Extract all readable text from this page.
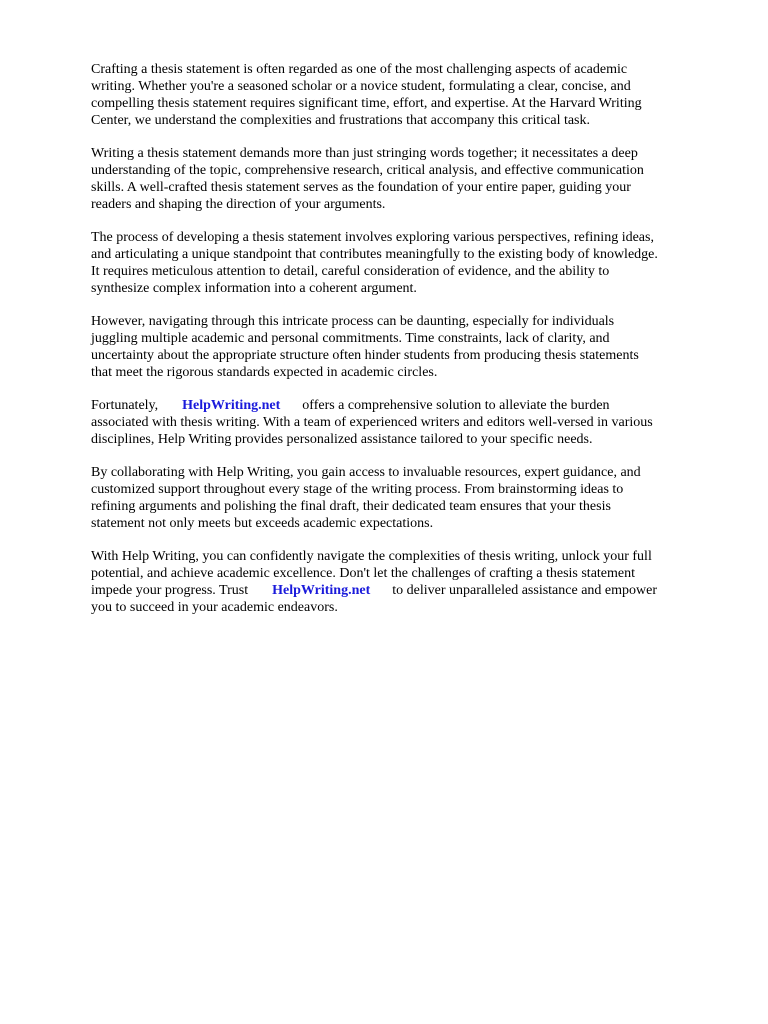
Crafting a thesis statement is often regarded as one of the most challenging aspects of academic
writing. Whether you're a seasoned scholar or a novice student, formulating a clear, concise, and
compelling thesis statement requires significant time, effort, and expertise. At the Harvard Writing
Center, we understand the complexities and frustrations that accompany this critical task.

Writing a thesis statement demands more than just stringing words together; it necessitates a deep
understanding of the topic, comprehensive research, critical analysis, and effective communication
skills. A well-crafted thesis statement serves as the foundation of your entire paper, guiding your
readers and shaping the direction of your arguments.

The process of developing a thesis statement involves exploring various perspectives, refining ideas,
and articulating a unique standpoint that contributes meaningfully to the existing body of knowledge.
It requires meticulous attention to detail, careful consideration of evidence, and the ability to
synthesize complex information into a coherent argument.

However, navigating through this intricate process can be daunting, especially for individuals
juggling multiple academic and personal commitments. Time constraints, lack of clarity, and
uncertainty about the appropriate structure often hinder students from producing thesis statements
that meet the rigorous standards expected in academic circles.

Fortunately, HelpWriting.net offers a comprehensive solution to alleviate the burden
associated with thesis writing. With a team of experienced writers and editors well-versed in various
disciplines, Help Writing provides personalized assistance tailored to your specific needs.

By collaborating with Help Writing, you gain access to invaluable resources, expert guidance, and
customized support throughout every stage of the writing process. From brainstorming ideas to
refining arguments and polishing the final draft, their dedicated team ensures that your thesis
statement not only meets but exceeds academic expectations.

With Help Writing, you can confidently navigate the complexities of thesis writing, unlock your full
potential, and achieve academic excellence. Don't let the challenges of crafting a thesis statement
impede your progress. Trust HelpWriting.net to deliver unparalleled assistance and empower
you to succeed in your academic endeavors.
